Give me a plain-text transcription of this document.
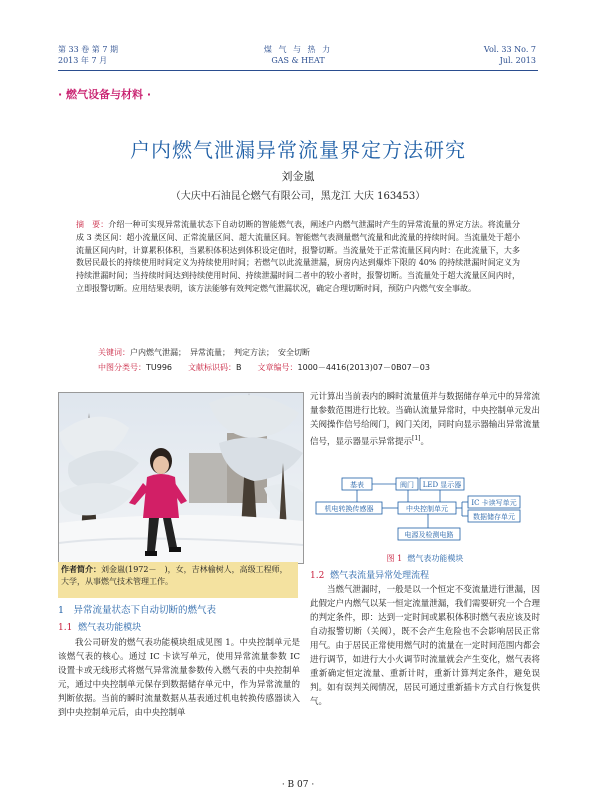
第 33 卷 第 7 期
2013 年 7 月
煤 气 与 热 力
GAS & HEAT
Vol. 33 No. 7
Jul. 2013
· 燃气设备与材料 ·
户内燃气泄漏异常流量界定方法研究
刘金嵐
（大庆中石油昆仑燃气有限公司，黑龙江 大庆 163453）
摘　要：介绍一种可实现异常流量状态下自动切断的智能燃气表，阐述户内燃气泄漏时产生的异常流量的界定方法。将流量分成 3 类区间：超小流量区间、正常流量区间、超大流量区间。智能燃气表测量燃气流量和此流量的持续时间。当流量处于超小流量区间内时，计算累积体积，当累积体积达到体积设定值时，报警切断。当流量处于正常流量区间内时：在此流量下，大多数居民最长的持续使用时间定义为持续使用时间；若燃气以此流量泄漏，厨房内达到爆炸下限的 40% 的持续泄漏时间定义为持续泄漏时间；当持续时间达到持续使用时间、持续泄漏时间二者中的较小者时，报警切断。当流量处于超大流量区间内时，立即报警切断。应用结果表明，该方法能够有效判定燃气泄漏状况，确定合理切断时间，预防户内燃气安全事故。
关键词：户内燃气泄漏；　异常流量；　判定方法；　安全切断
中图分类号：TU996 文献标识码：B 文章编号：1000－4416(2013)07－0B07－03
作者简介：刘金嵐(1972－　)，女，吉林榆树人，高级工程师，大学，从事燃气技术管理工作。
1　异常流量状态下自动切断的燃气表
1.1 燃气表功能模块
我公司研发的燃气表功能模块组成见图 1。中央控制单元是该燃气表的核心。通过 IC 卡读写单元，使用异常流量参数 IC 设置卡或无线形式将燃气异常流量参数传入燃气表的中央控制单元，通过中央控制单元保存到数据储存单元中，作为异常流量的判断依据。当前的瞬时流量数据从基表通过机电转换传感器读入到中央控制单元后，由中央控制单
元计算出当前表内的瞬时流量值并与数据储存单元中的异常流量参数范围进行比较。当确认流量异常时，中央控制单元发出关阀操作信号给阀门，阀门关闭，同时向显示器输出异常流量信号，显示器显示异常提示[1]。
基表	阀门 LED 显示器
机电转换传感器	中央控制单元
IC 卡读写单元
数据储存单元
电源及检测电路
图 1 燃气表功能模块
1.2 燃气表流量异常处理流程
当燃气泄漏时，一般是以一个恒定不变流量进行泄漏，因此假定户内燃气以某一恒定流量泄漏，我们需要研究一个合理的判定条件，即：达到一定时间或累积体积时燃气表应该及时自动报警切断（关阀），既不会产生危险也不会影响居民正常用气。由于居民正常使用燃气时的流量在一定时间范围内都会进行调节，如进行大小火调节时流量就会产生变化，燃气表将重新确定恒定流量、重新计时，重新计算判定条件，避免误判。如有误判关阀情况，居民可通过重新插卡方式自行恢复供气。
· B 07 ·
